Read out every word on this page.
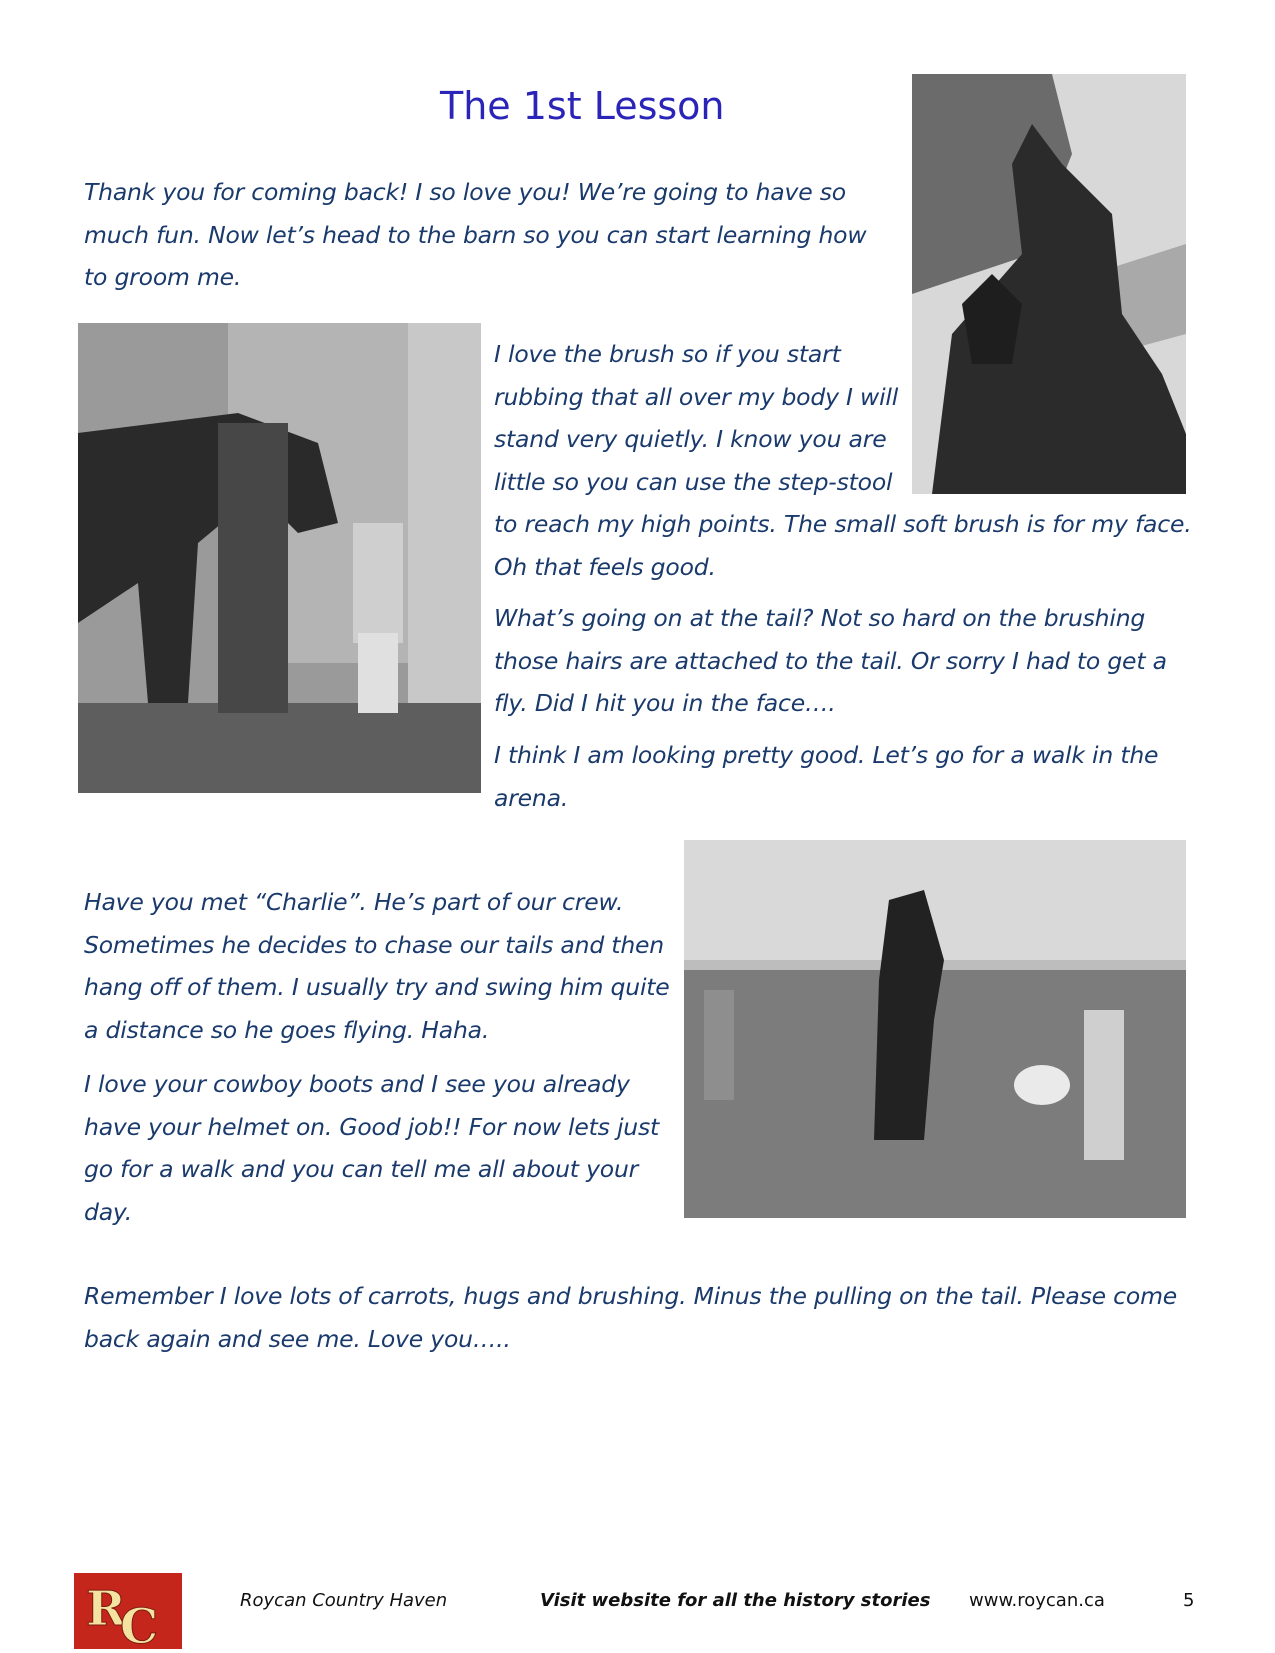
The 1st Lesson

Thank you for coming back! I so love you! We’re going to have so much fun. Now let’s head to the barn so you can start learning how to groom me.

I love the brush so if you start rubbing that all over my body I will stand very quietly. I know you are little so you can use the step-stool

to reach my high points. The small soft brush is for my face. Oh that feels good.

What’s going on at the tail? Not so hard on the brushing those hairs are attached to the tail. Or sorry I had to get a fly. Did I hit you in the face….

I think I am looking pretty good. Let’s go for a walk in the arena.

Have you met “Charlie”. He’s part of our crew. Sometimes he decides to chase our tails and then hang off of them. I usually try and swing him quite a distance so he goes flying. Haha.

I love your cowboy boots and I see you already have your helmet on. Good job!! For now lets just go for a walk and you can tell me all about your day.

Remember I love lots of carrots, hugs and brushing. Minus the pulling on the tail. Please come back again and see me. Love you…..

R
C	Roycan Country Haven	Visit website for all the history stories www.roycan.ca	5
